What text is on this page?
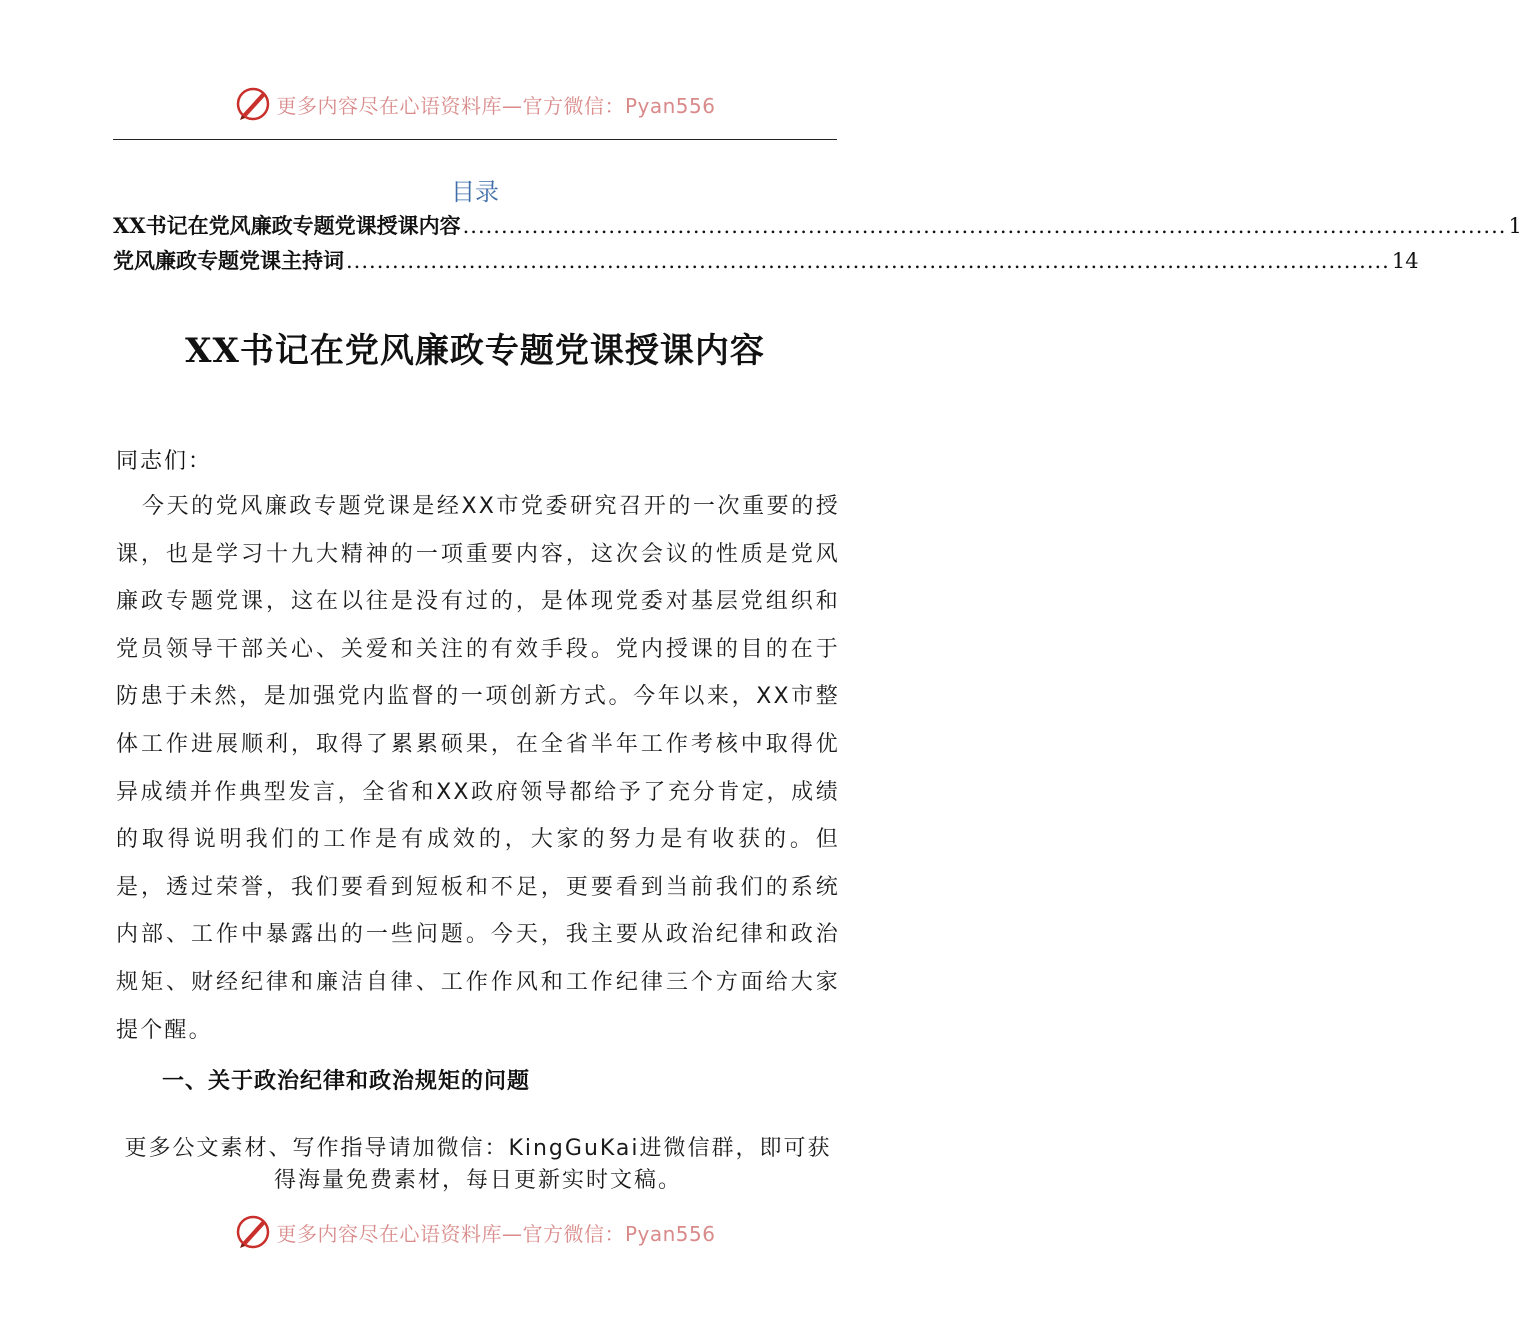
更多内容尽在心语资料库—官方微信：Pyan556
目录
XX书记在党风廉政专题党课授课内容 ........................................................................................................................................ 1
党风廉政专题党课主持词 ........................................................................................................................................ 14
XX书记在党风廉政专题党课授课内容
同志们：
今天的党风廉政专题党课是经XX市党委研究召开的一次重要的授课，也是学习十九大精神的一项重要内容，这次会议的性质是党风廉政专题党课，这在以往是没有过的，是体现党委对基层党组织和党员领导干部关心、关爱和关注的有效手段。党内授课的目的在于防患于未然，是加强党内监督的一项创新方式。今年以来，XX市整体工作进展顺利，取得了累累硕果，在全省半年工作考核中取得优异成绩并作典型发言，全省和XX政府领导都给予了充分肯定，成绩的取得说明我们的工作是有成效的，大家的努力是有收获的。但是，透过荣誉，我们要看到短板和不足，更要看到当前我们的系统内部、工作中暴露出的一些问题。今天，我主要从政治纪律和政治规矩、财经纪律和廉洁自律、工作作风和工作纪律三个方面给大家提个醒。
一、关于政治纪律和政治规矩的问题
更多公文素材、写作指导请加微信：KingGuKai进微信群，即可获得海量免费素材，每日更新实时文稿。
更多内容尽在心语资料库—官方微信：Pyan556
